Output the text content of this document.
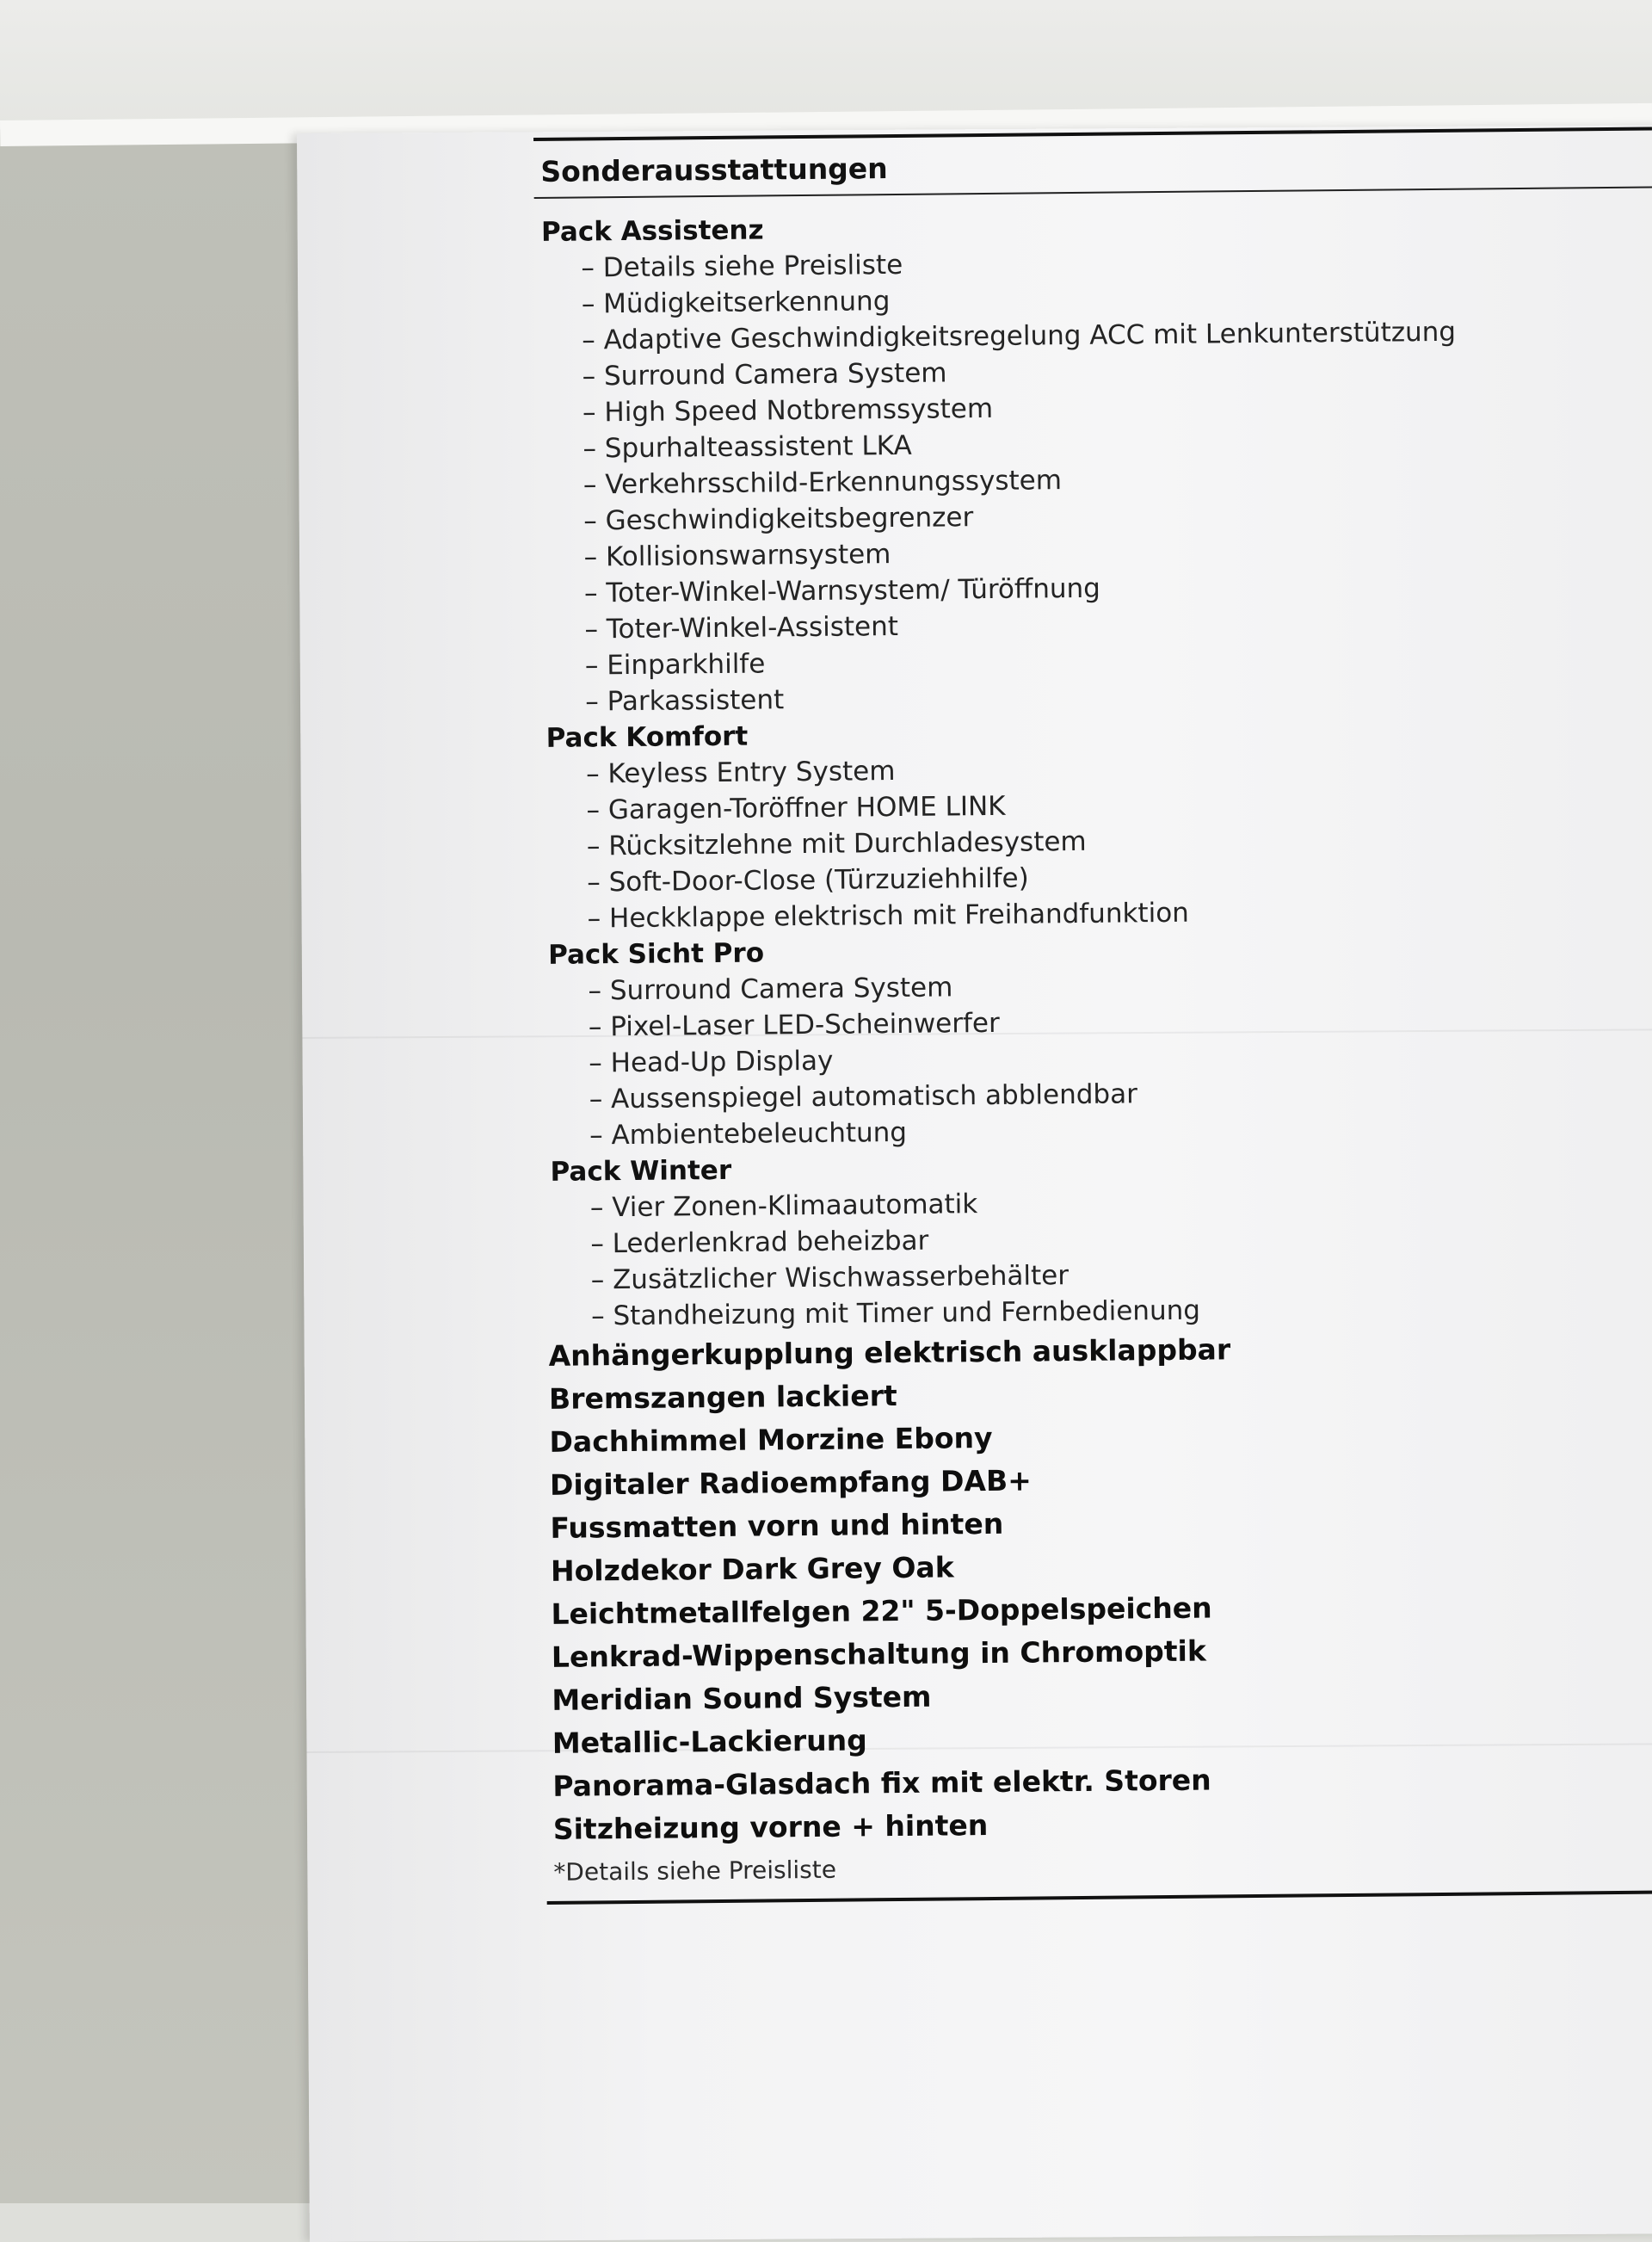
Sonderausstattungen
Pack Assistenz
– Details siehe Preisliste
– Müdigkeitserkennung
– Adaptive Geschwindigkeitsregelung ACC mit Lenkunterstützung
– Surround Camera System
– High Speed Notbremssystem
– Spurhalteassistent LKA
– Verkehrsschild-Erkennungssystem
– Geschwindigkeitsbegrenzer
– Kollisionswarnsystem
– Toter-Winkel-Warnsystem/ Türöffnung
– Toter-Winkel-Assistent
– Einparkhilfe
– Parkassistent
Pack Komfort
– Keyless Entry System
– Garagen-Toröffner HOME LINK
– Rücksitzlehne mit Durchladesystem
– Soft-Door-Close (Türzuziehhilfe)
– Heckklappe elektrisch mit Freihandfunktion
Pack Sicht Pro
– Surround Camera System
– Pixel-Laser LED-Scheinwerfer
– Head-Up Display
– Aussenspiegel automatisch abblendbar
– Ambientebeleuchtung
Pack Winter
– Vier Zonen-Klimaautomatik
– Lederlenkrad beheizbar
– Zusätzlicher Wischwasserbehälter
– Standheizung mit Timer und Fernbedienung
Anhängerkupplung elektrisch ausklappbar
Bremszangen lackiert
Dachhimmel Morzine Ebony
Digitaler Radioempfang DAB+
Fussmatten vorn und hinten
Holzdekor Dark Grey Oak
Leichtmetallfelgen 22" 5-Doppelspeichen
Lenkrad-Wippenschaltung in Chromoptik
Meridian Sound System
Metallic-Lackierung
Panorama-Glasdach fix mit elektr. Storen
Sitzheizung vorne + hinten
*Details siehe Preisliste
